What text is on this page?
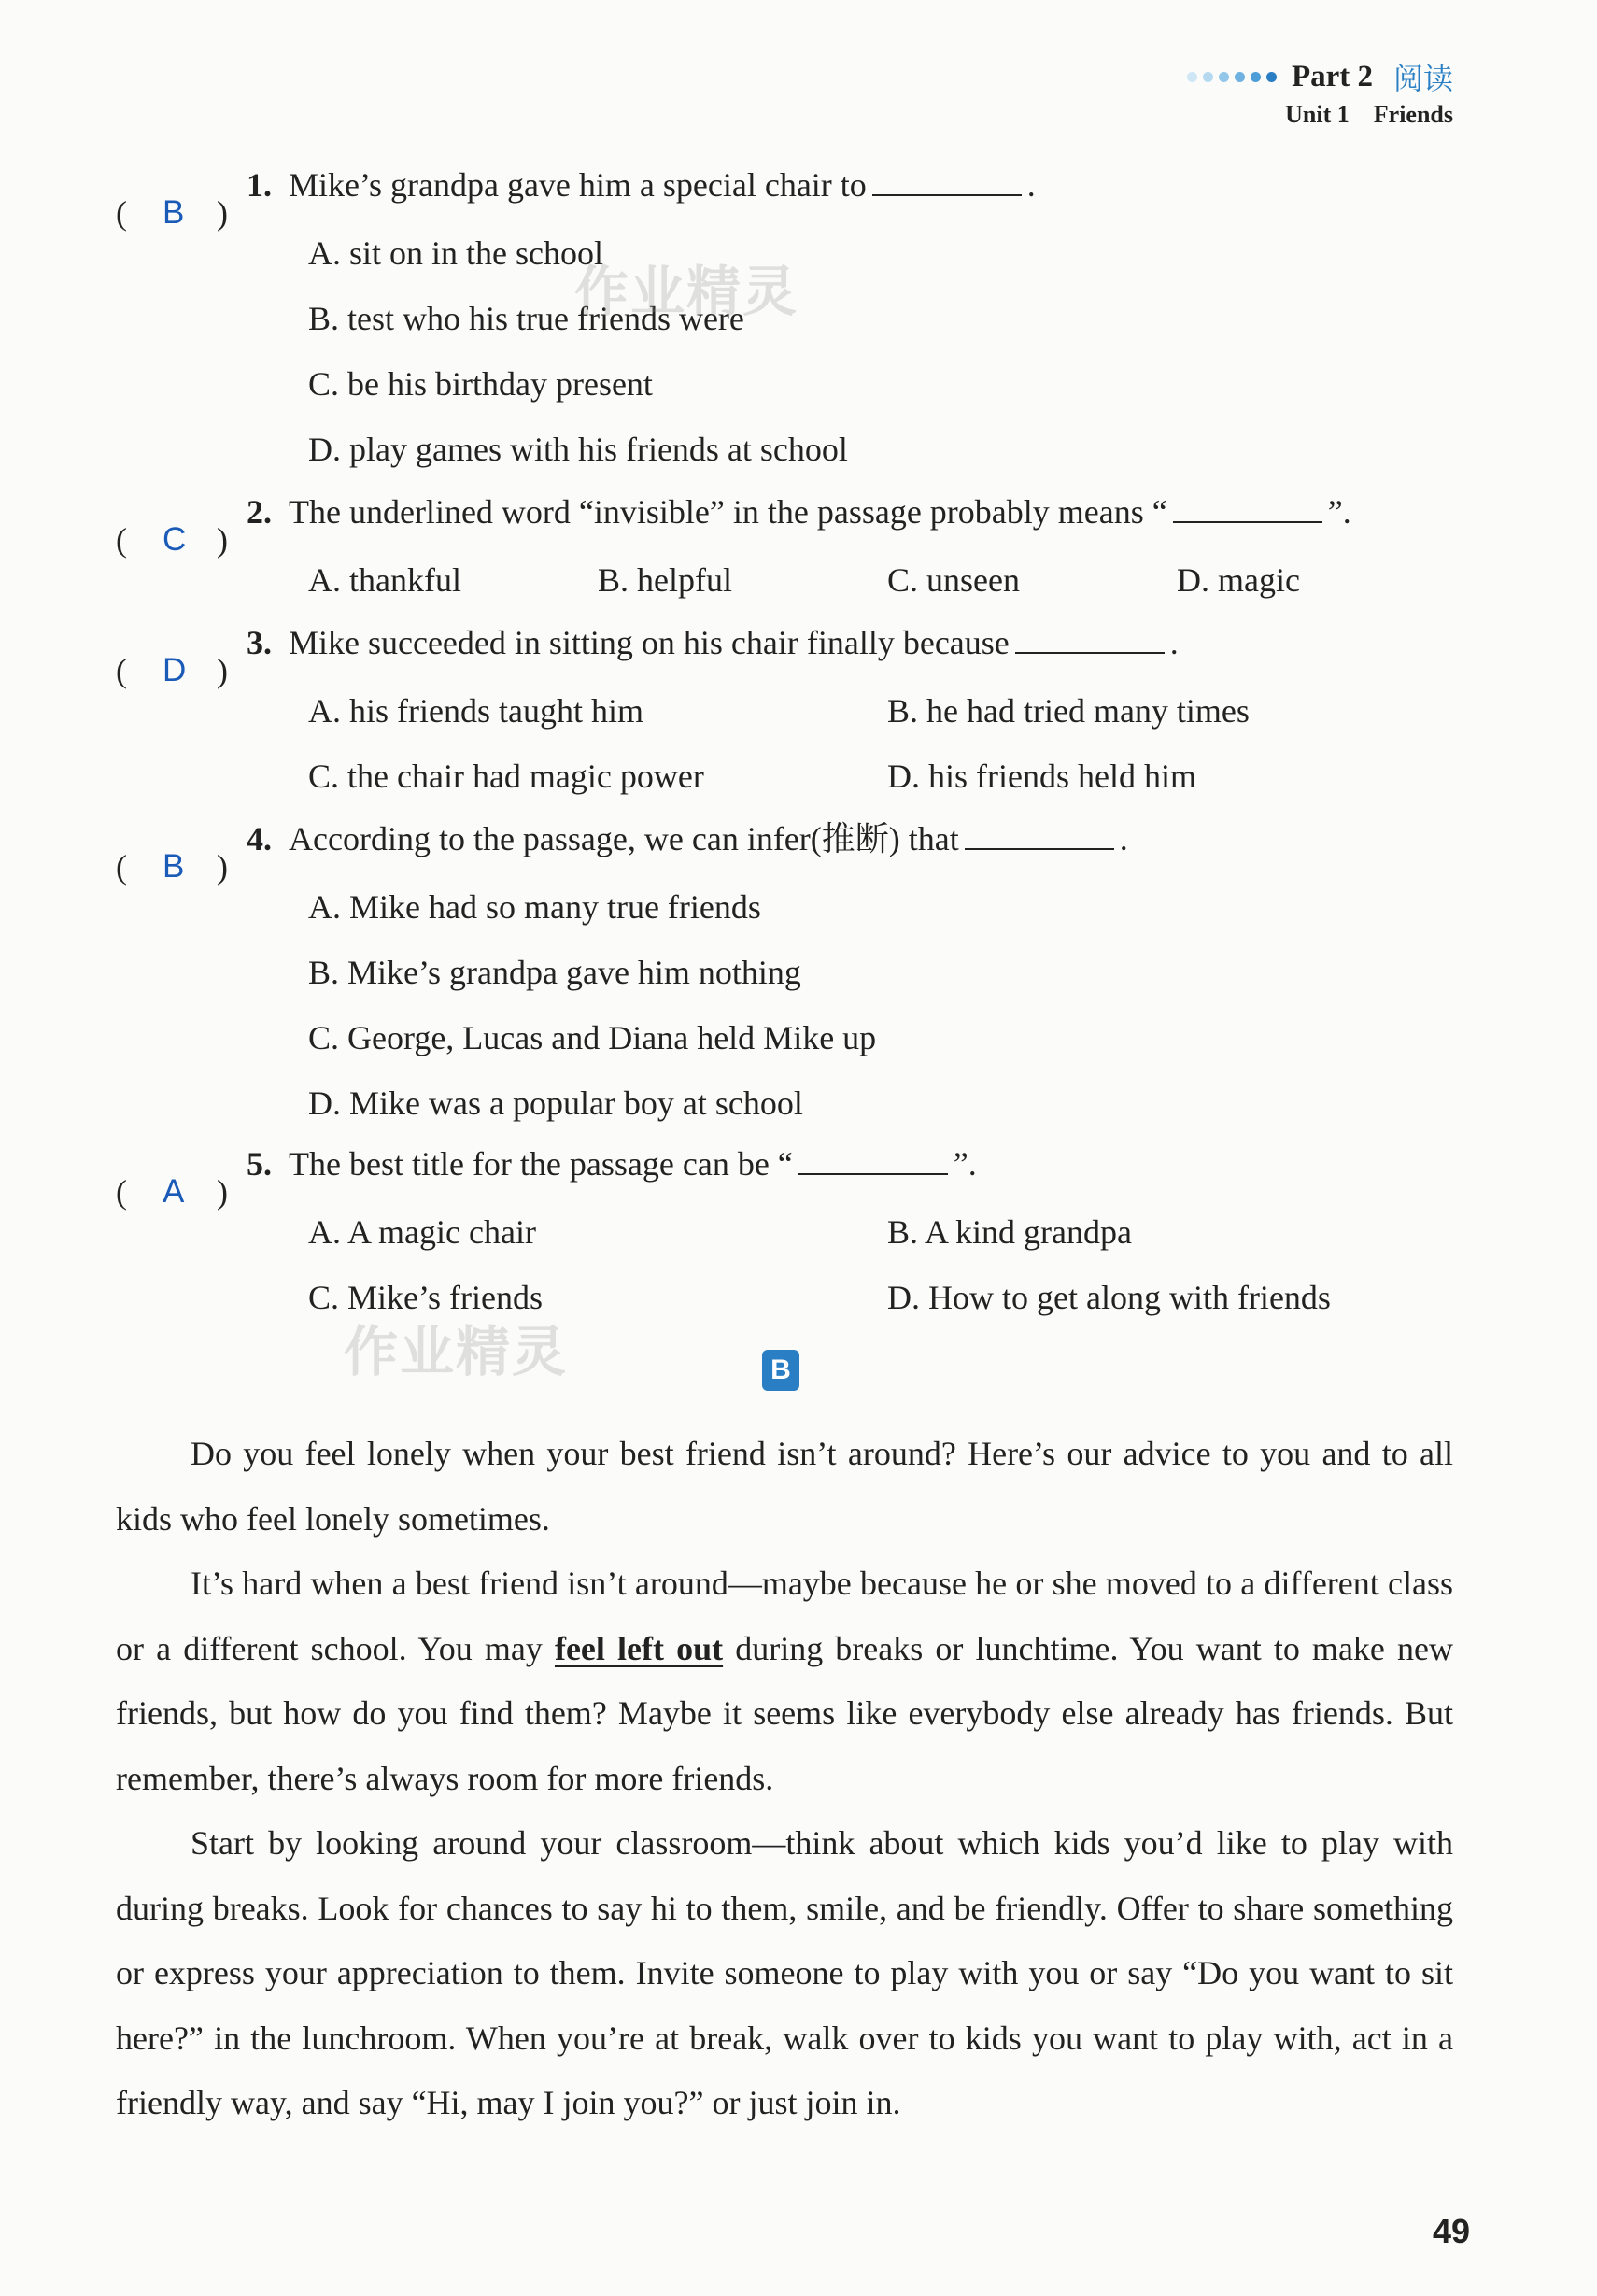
Part 2 阅读
Unit 1 Friends
( B )
1. Mike’s grandpa gave him a special chair to	.
A. sit on in the school
B. test who his true friends were
C. be his birthday present
D. play games with his friends at school
( C )
2. The underlined word “invisible” in the passage probably means “	”.
A. thankful	B. helpful	C. unseen	D. magic
( D )
3. Mike succeeded in sitting on his chair finally because	.
A. his friends taught him	B. he had tried many times
C. the chair had magic power	D. his friends held him
( B )
4. According to the passage, we can infer(推断) that	.
A. Mike had so many true friends
B. Mike’s grandpa gave him nothing
C. George, Lucas and Diana held Mike up
D. Mike was a popular boy at school
( A )
5. The best title for the passage can be “	”.
A. A magic chair	B. A kind grandpa
C. Mike’s friends	D. How to get along with friends
B

Do you feel lonely when your best friend isn’t around? Here’s our advice to you and to all kids who feel lonely sometimes.

It’s hard when a best friend isn’t around—maybe because he or she moved to a different class or a different school. You may feel left out during breaks or lunchtime. You want to make new friends, but how do you find them? Maybe it seems like everybody else already has friends. But remember, there’s always room for more friends.

Start by looking around your classroom—think about which kids you’d like to play with during breaks. Look for chances to say hi to them, smile, and be friendly. Offer to share something or express your appreciation to them. Invite someone to play with you or say “Do you want to sit here?” in the lunchroom. When you’re at break, walk over to kids you want to play with, act in a friendly way, and say “Hi, may I join you?” or just join in.

49
作业精灵
作业精灵
